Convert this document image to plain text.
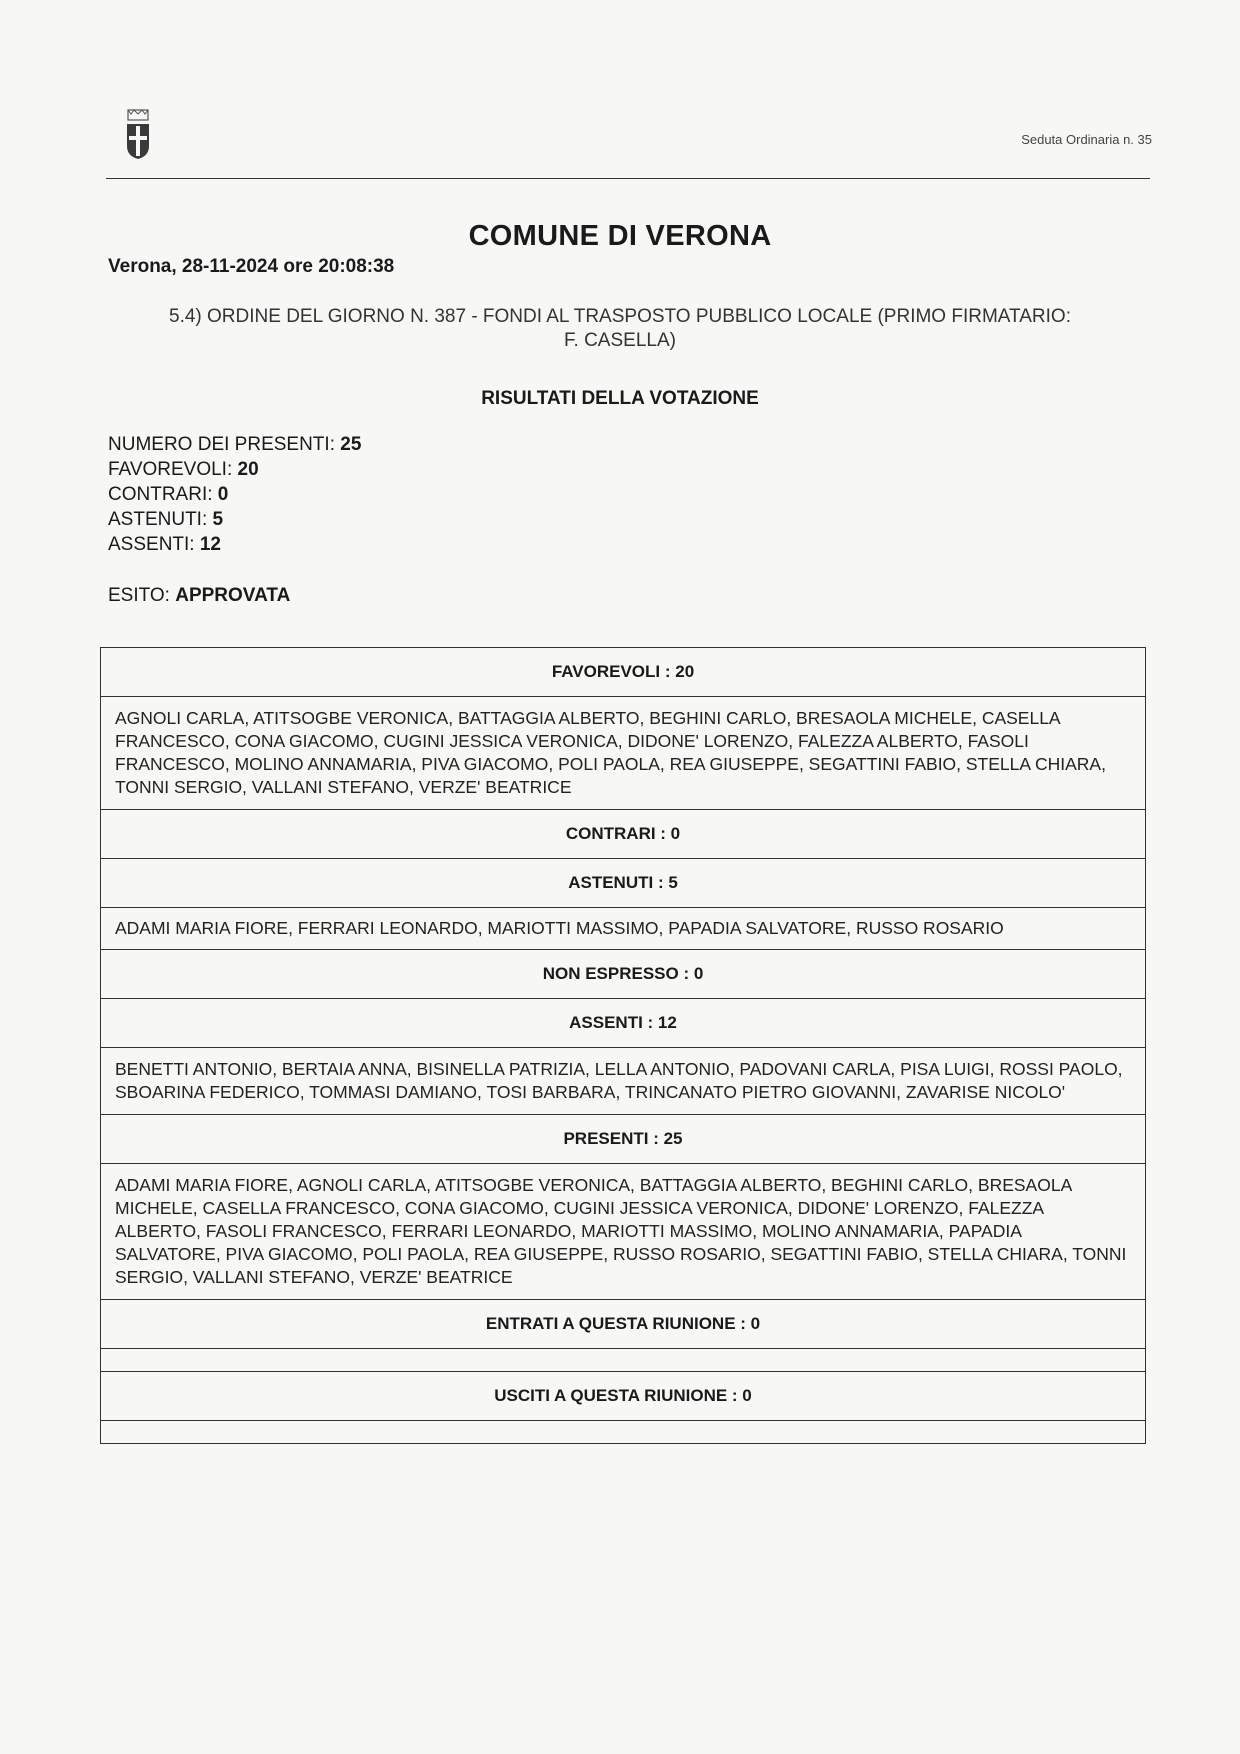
Seduta Ordinaria n. 35
COMUNE DI VERONA
Verona, 28-11-2024 ore 20:08:38
5.4) ORDINE DEL GIORNO N. 387 - FONDI AL TRASPOSTO PUBBLICO LOCALE (PRIMO FIRMATARIO:
F. CASELLA)
RISULTATI DELLA VOTAZIONE
NUMERO DEI PRESENTI: 25
FAVOREVOLI: 20
CONTRARI: 0
ASTENUTI: 5
ASSENTI: 12
ESITO: APPROVATA
FAVOREVOLI : 20
AGNOLI CARLA, ATITSOGBE VERONICA, BATTAGGIA ALBERTO, BEGHINI CARLO, BRESAOLA MICHELE, CASELLA FRANCESCO, CONA GIACOMO, CUGINI JESSICA VERONICA, DIDONE' LORENZO, FALEZZA ALBERTO, FASOLI FRANCESCO, MOLINO ANNAMARIA, PIVA GIACOMO, POLI PAOLA, REA GIUSEPPE, SEGATTINI FABIO, STELLA CHIARA, TONNI SERGIO, VALLANI STEFANO, VERZE' BEATRICE
CONTRARI : 0
ASTENUTI : 5
ADAMI MARIA FIORE, FERRARI LEONARDO, MARIOTTI MASSIMO, PAPADIA SALVATORE, RUSSO ROSARIO
NON ESPRESSO : 0
ASSENTI : 12
BENETTI ANTONIO, BERTAIA ANNA, BISINELLA PATRIZIA, LELLA ANTONIO, PADOVANI CARLA, PISA LUIGI, ROSSI PAOLO, SBOARINA FEDERICO, TOMMASI DAMIANO, TOSI BARBARA, TRINCANATO PIETRO GIOVANNI, ZAVARISE NICOLO'
PRESENTI : 25
ADAMI MARIA FIORE, AGNOLI CARLA, ATITSOGBE VERONICA, BATTAGGIA ALBERTO, BEGHINI CARLO, BRESAOLA MICHELE, CASELLA FRANCESCO, CONA GIACOMO, CUGINI JESSICA VERONICA, DIDONE' LORENZO, FALEZZA ALBERTO, FASOLI FRANCESCO, FERRARI LEONARDO, MARIOTTI MASSIMO, MOLINO ANNAMARIA, PAPADIA SALVATORE, PIVA GIACOMO, POLI PAOLA, REA GIUSEPPE, RUSSO ROSARIO, SEGATTINI FABIO, STELLA CHIARA, TONNI SERGIO, VALLANI STEFANO, VERZE' BEATRICE
ENTRATI A QUESTA RIUNIONE : 0
USCITI A QUESTA RIUNIONE : 0
